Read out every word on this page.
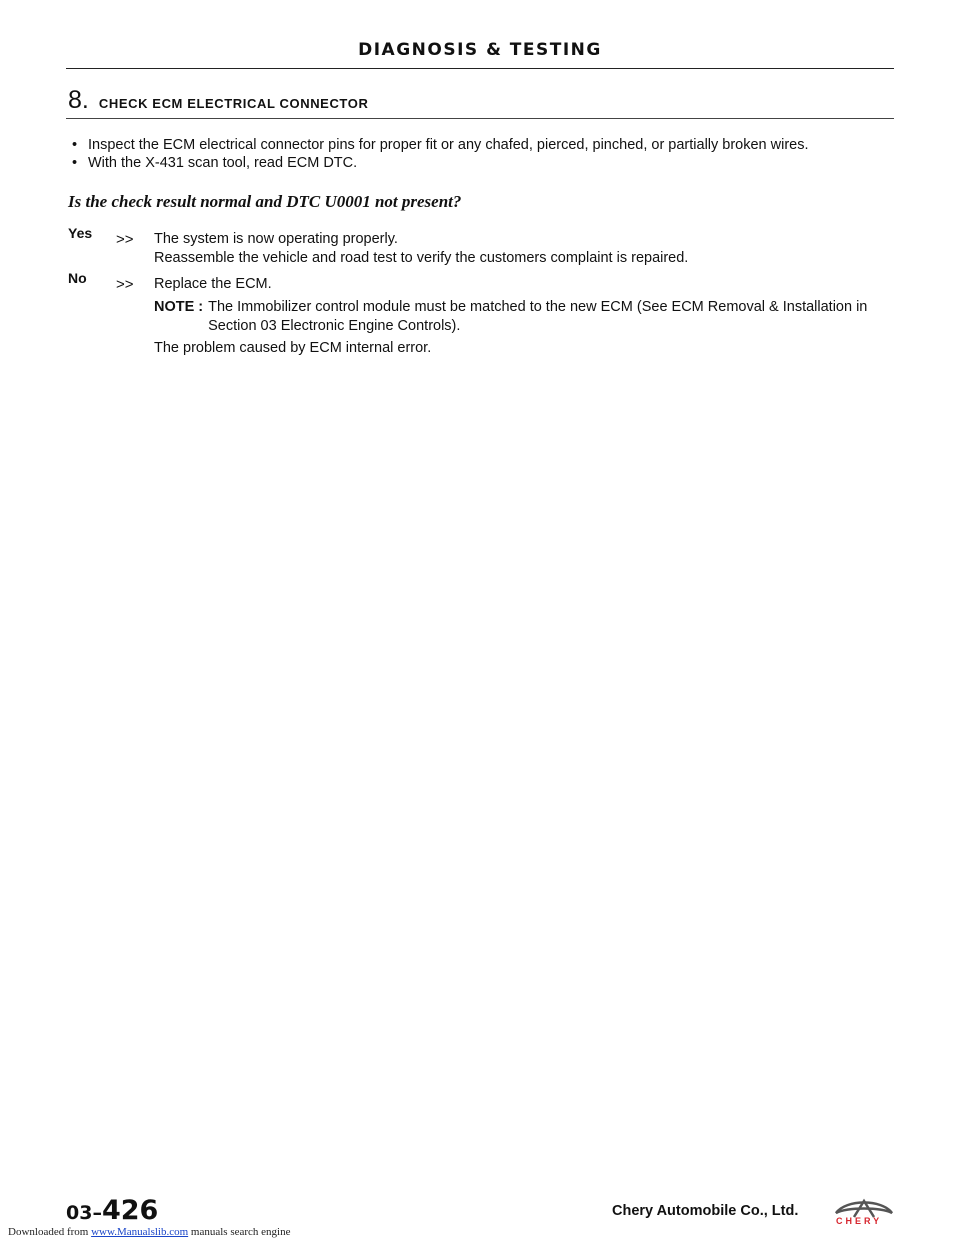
DIAGNOSIS & TESTING
8. CHECK ECM ELECTRICAL CONNECTOR
• Inspect the ECM electrical connector pins for proper fit or any chafed, pierced, pinched, or partially broken wires.
• With the X-431 scan tool, read ECM DTC.
Is the check result normal and DTC U0001 not present?
Yes	>> The system is now operating properly.
Reassemble the vehicle and road test to verify the customers complaint is repaired.
No	>> Replace the ECM.
NOTE : The Immobilizer control module must be matched to the new ECM (See ECM Removal & Installation in Section 03 Electronic Engine Controls).
The problem caused by ECM internal error.
03–426	Chery Automobile Co., Ltd.
CHERY
Downloaded from www.Manualslib.com manuals search engine
